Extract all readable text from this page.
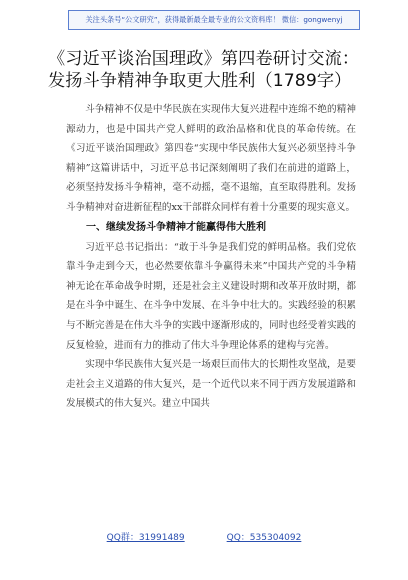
关注头条号“公文研究”，获得最新最全最专业的公文资料库！ 微信：gongwenyj
《习近平谈治国理政》第四卷研讨交流：
发扬斗争精神争取更大胜利（1789字）

斗争精神不仅是中华民族在实现伟大复兴进程中连绵不绝的精神源动力，也是中国共产党人鲜明的政治品格和优良的革命传统。在《习近平谈治国理政》第四卷“实现中华民族伟大复兴必须坚持斗争精神”这篇讲话中，习近平总书记深刻阐明了我们在前进的道路上，必须坚持发扬斗争精神，毫不动摇，毫不退缩，直至取得胜利。发扬斗争精神对奋进新征程的xx干部群众同样有着十分重要的现实意义。

一、继续发扬斗争精神才能赢得伟大胜利

习近平总书记指出：“敢于斗争是我们党的鲜明品格。我们党依靠斗争走到今天，也必然要依靠斗争赢得未来”中国共产党的斗争精神无论在革命战争时期，还是社会主义建设时期和改革开放时期，都是在斗争中诞生、在斗争中发展、在斗争中壮大的。实践经验的积累与不断完善是在伟大斗争的实践中逐渐形成的，同时也经受着实践的反复检验，进而有力的推动了伟大斗争理论体系的建构与完善。

实现中华民族伟大复兴是一场艰巨而伟大的长期性攻坚战，是要走社会主义道路的伟大复兴，是一个近代以来不同于西方发展道路和发展模式的伟大复兴。建立中国共

QQ群：31991489	QQ：535304092
